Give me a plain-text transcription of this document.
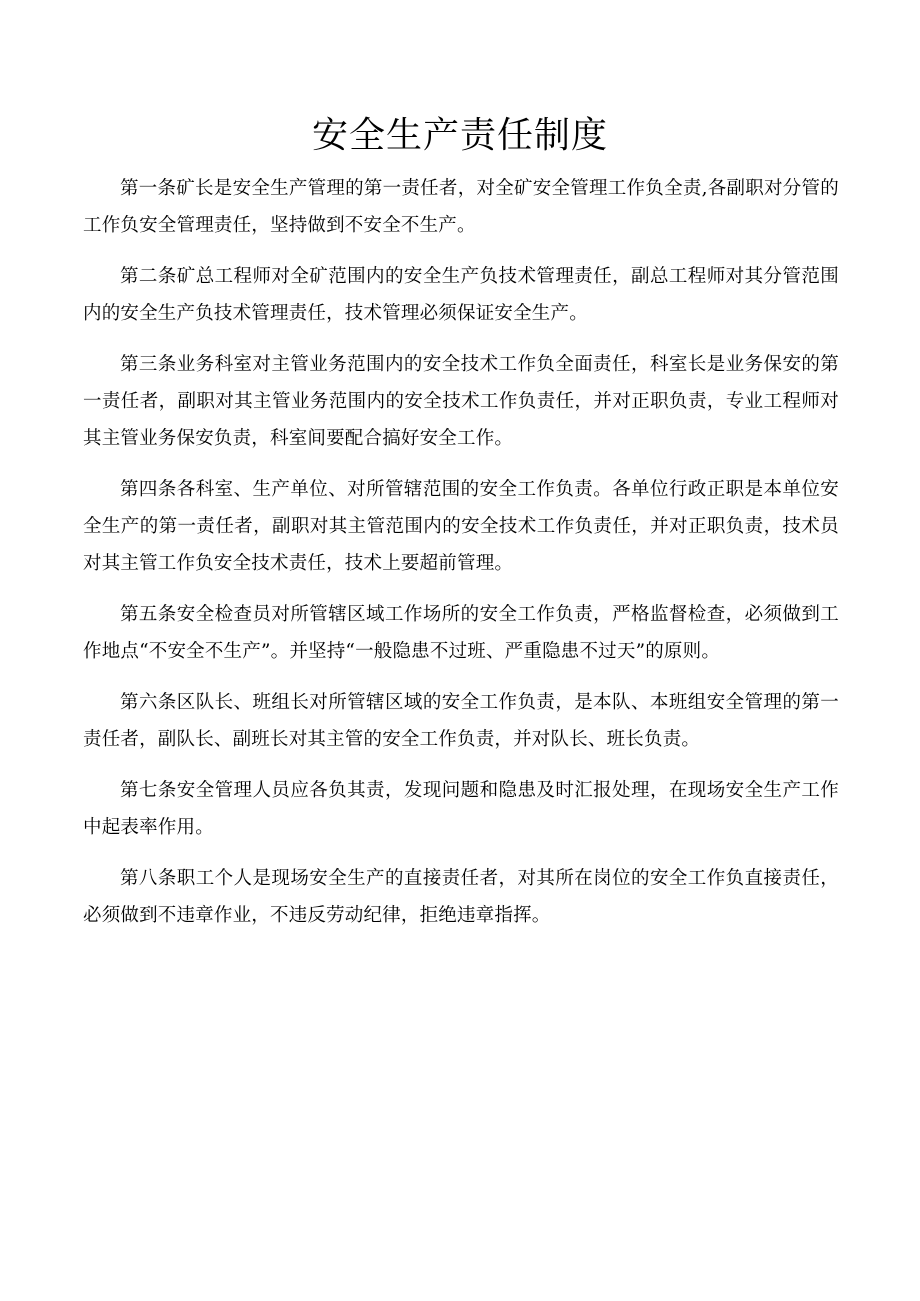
安全生产责任制度

第一条矿长是安全生产管理的第一责任者，对全矿安全管理工作负全责,各副职对分管的工作负安全管理责任，坚持做到不安全不生产。

第二条矿总工程师对全矿范围内的安全生产负技术管理责任，副总工程师对其分管范围内的安全生产负技术管理责任，技术管理必须保证安全生产。

第三条业务科室对主管业务范围内的安全技术工作负全面责任，科室长是业务保安的第一责任者，副职对其主管业务范围内的安全技术工作负责任，并对正职负责，专业工程师对其主管业务保安负责，科室间要配合搞好安全工作。

第四条各科室、生产单位、对所管辖范围的安全工作负责。各单位行政正职是本单位安全生产的第一责任者，副职对其主管范围内的安全技术工作负责任，并对正职负责，技术员对其主管工作负安全技术责任，技术上要超前管理。

第五条安全检查员对所管辖区域工作场所的安全工作负责，严格监督检查，必须做到工作地点“不安全不生产”。并坚持“一般隐患不过班、严重隐患不过天”的原则。

第六条区队长、班组长对所管辖区域的安全工作负责，是本队、本班组安全管理的第一责任者，副队长、副班长对其主管的安全工作负责，并对队长、班长负责。

第七条安全管理人员应各负其责，发现问题和隐患及时汇报处理，在现场安全生产工作中起表率作用。

第八条职工个人是现场安全生产的直接责任者，对其所在岗位的安全工作负直接责任，必须做到不违章作业，不违反劳动纪律，拒绝违章指挥。
